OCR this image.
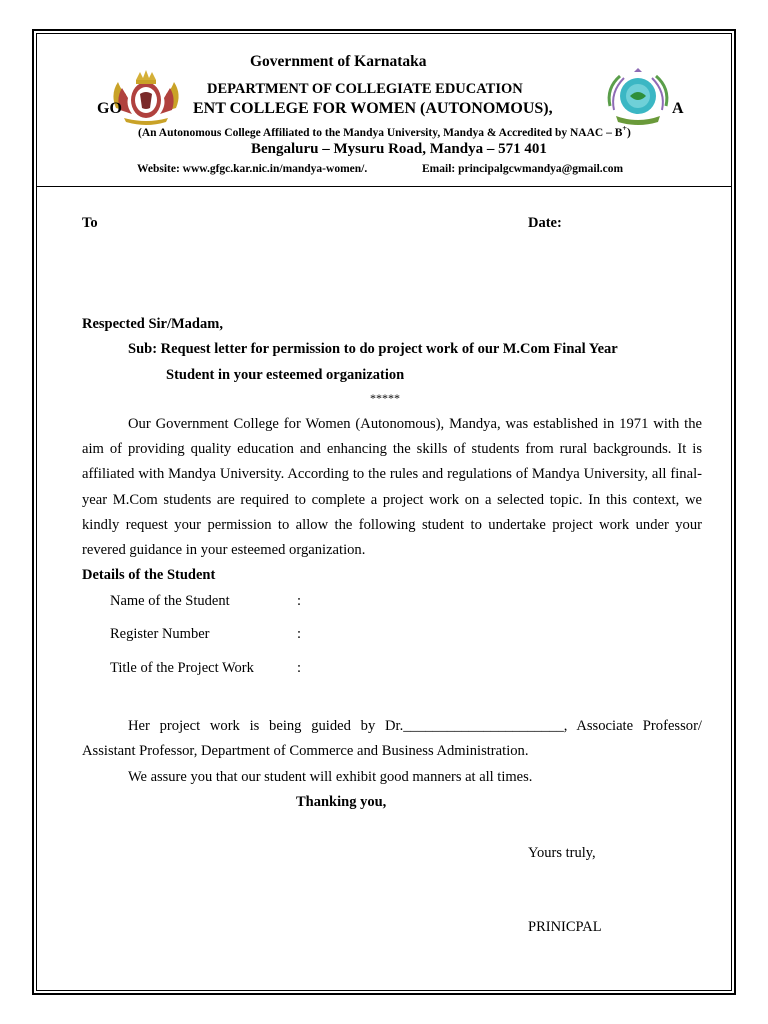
Government of Karnataka
DEPARTMENT OF COLLEGIATE EDUCATION
GO	ENT COLLEGE FOR WOMEN (AUTONOMOUS),	A
(An Autonomous College Affiliated to the Mandya University, Mandya & Accredited by NAAC – B+)
Bengaluru – Mysuru Road, Mandya – 571 401
Website: www.gfgc.kar.nic.in/mandya-women/.	Email: principalgcwmandya@gmail.com
To	Date:
Respected Sir/Madam,
Sub: Request letter for permission to do project work of our M.Com Final Year
Student in your esteemed organization
*****

Our Government College for Women (Autonomous), Mandya, was established in 1971 with the aim of providing quality education and enhancing the skills of students from rural backgrounds. It is affiliated with Mandya University. According to the rules and regulations of Mandya University, all final-year M.Com students are required to complete a project work on a selected topic. In this context, we kindly request your permission to allow the following student to undertake project work under your revered guidance in your esteemed organization.

Details of the Student
Name of the Student	:
Register Number	:
Title of the Project Work	:

Her project work is being guided by Dr.______________________, Associate Professor/ Assistant Professor, Department of Commerce and Business Administration.

We assure you that our student will exhibit good manners at all times.
Thanking you,
Yours truly,
PRINICPAL
